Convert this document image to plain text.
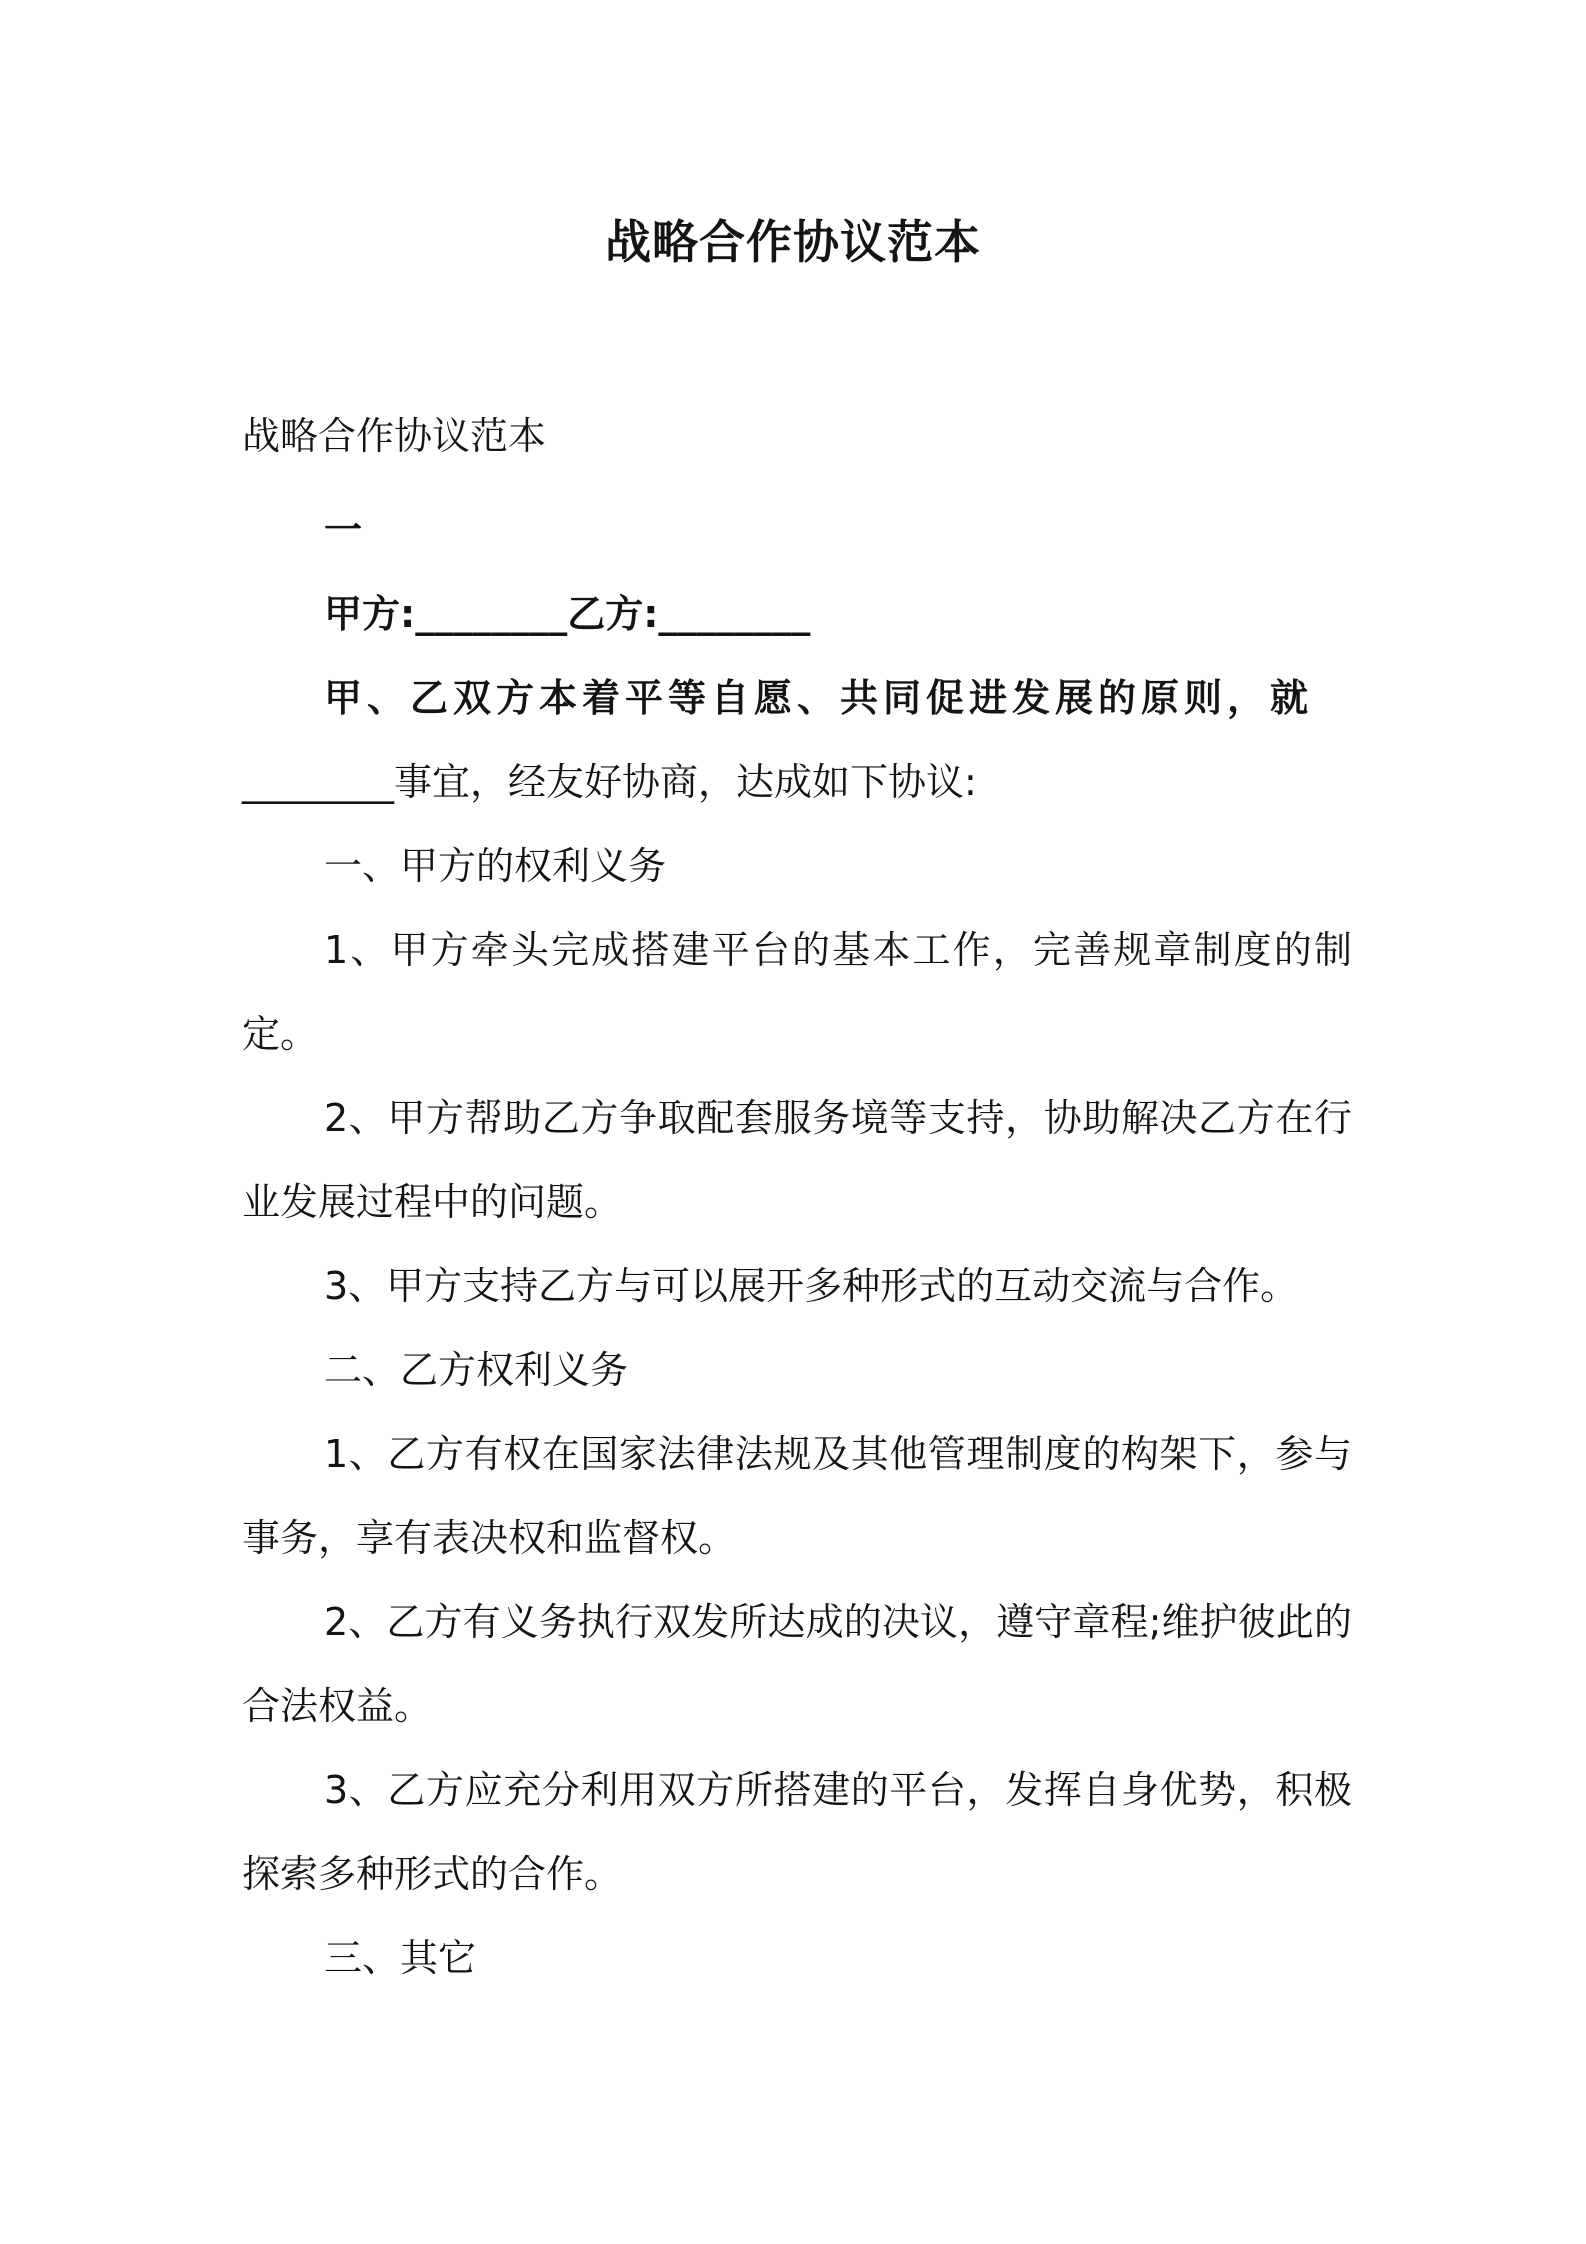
战略合作协议范本
战略合作协议范本
一
甲方:________乙方:________
甲、乙双方本着平等自愿、共同促进发展的原则，就
________事宜，经友好协商，达成如下协议:
一、甲方的权利义务
1、甲方牵头完成搭建平台的基本工作，完善规章制度的制定。
2、甲方帮助乙方争取配套服务境等支持，协助解决乙方在行业发展过程中的问题。
3、甲方支持乙方与可以展开多种形式的互动交流与合作。
二、乙方权利义务
1、乙方有权在国家法律法规及其他管理制度的构架下，参与事务，享有表决权和监督权。
2、乙方有义务执行双发所达成的决议，遵守章程;维护彼此的合法权益。
3、乙方应充分利用双方所搭建的平台，发挥自身优势，积极探索多种形式的合作。
三、其它
